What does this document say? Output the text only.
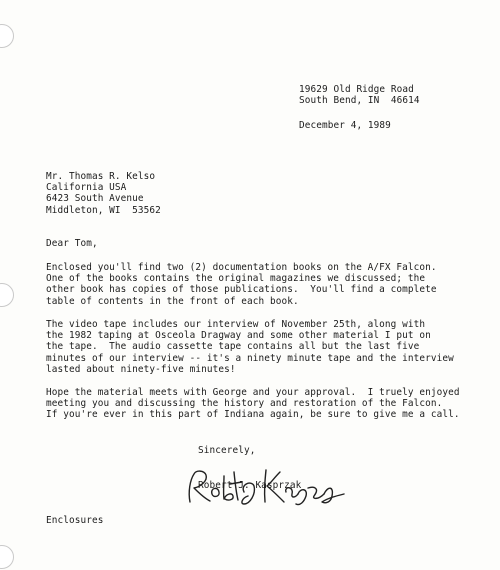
19629 Old Ridge Road
South Bend, IN  46614
December 4, 1989
Mr. Thomas R. Kelso
California USA
6423 South Avenue
Middleton, WI  53562
Dear Tom,
Enclosed you'll find two (2) documentation books on the A/FX Falcon.
One of the books contains the original magazines we discussed; the
other book has copies of those publications.  You'll find a complete
table of contents in the front of each book.
The video tape includes our interview of November 25th, along with
the 1982 taping at Osceola Dragway and some other material I put on
the tape.  The audio cassette tape contains all but the last five
minutes of our interview -- it's a ninety minute tape and the interview
lasted about ninety-five minutes!
Hope the material meets with George and your approval.  I truely enjoyed
meeting you and discussing the history and restoration of the Falcon.
If you're ever in this part of Indiana again, be sure to give me a call.
Sincerely,
Robert J. Kasprzak
Enclosures
